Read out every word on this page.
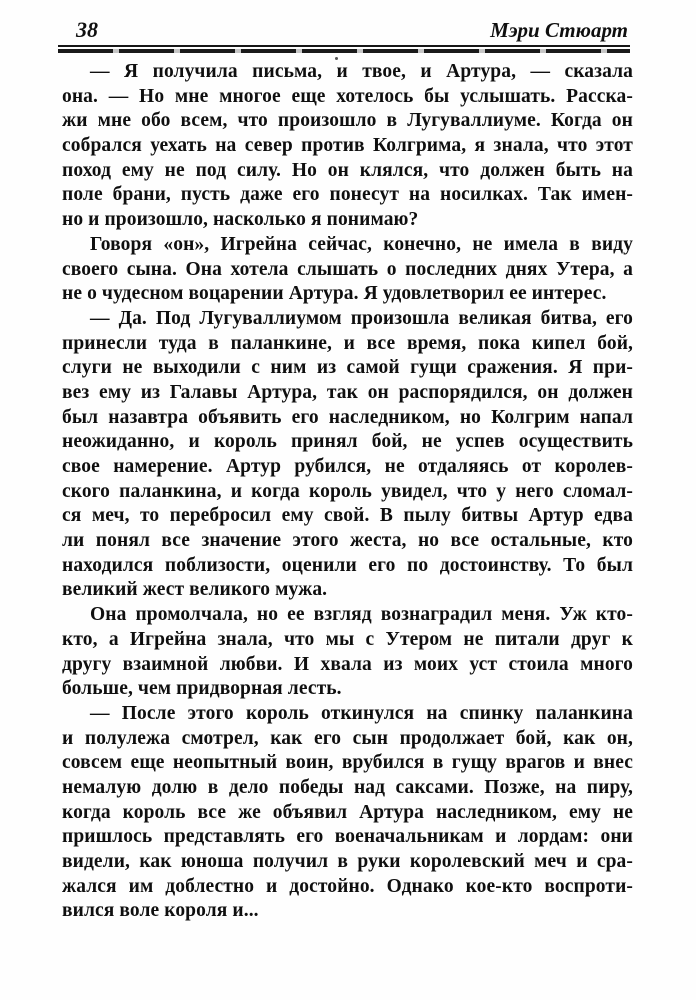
38	Мэри Стюарт

— Я получила письма, и твое, и Артура, — сказала
она. — Но мне многое еще хотелось бы услышать. Расска-
жи мне обо всем, что произошло в Лугуваллиуме. Когда он
собрался уехать на север против Колгрима, я знала, что этот
поход ему не под силу. Но он клялся, что должен быть на
поле брани, пусть даже его понесут на носилках. Так имен-
но и произошло, насколько я понимаю?

Говоря «он», Игрейна сейчас, конечно, не имела в виду
своего сына. Она хотела слышать о последних днях Утера, а
не о чудесном воцарении Артура. Я удовлетворил ее интерес.

— Да. Под Лугуваллиумом произошла великая битва, его
принесли туда в паланкине, и все время, пока кипел бой,
слуги не выходили с ним из самой гущи сражения. Я при-
вез ему из Галавы Артура, так он распорядился, он должен
был назавтра объявить его наследником, но Колгрим напал
неожиданно, и король принял бой, не успев осуществить
свое намерение. Артур рубился, не отдаляясь от королев-
ского паланкина, и когда король увидел, что у него сломал-
ся меч, то перебросил ему свой. В пылу битвы Артур едва
ли понял все значение этого жеста, но все остальные, кто
находился поблизости, оценили его по достоинству. То был
великий жест великого мужа.

Она промолчала, но ее взгляд вознаградил меня. Уж кто-
кто, а Игрейна знала, что мы с Утером не питали друг к
другу взаимной любви. И хвала из моих уст стоила много
больше, чем придворная лесть.

— После этого король откинулся на спинку паланкина
и полулежа смотрел, как его сын продолжает бой, как он,
совсем еще неопытный воин, врубился в гущу врагов и внес
немалую долю в дело победы над саксами. Позже, на пиру,
когда король все же объявил Артура наследником, ему не
пришлось представлять его военачальникам и лордам: они
видели, как юноша получил в руки королевский меч и сра-
жался им доблестно и достойно. Однако кое-кто воспроти-
вился воле короля и...
